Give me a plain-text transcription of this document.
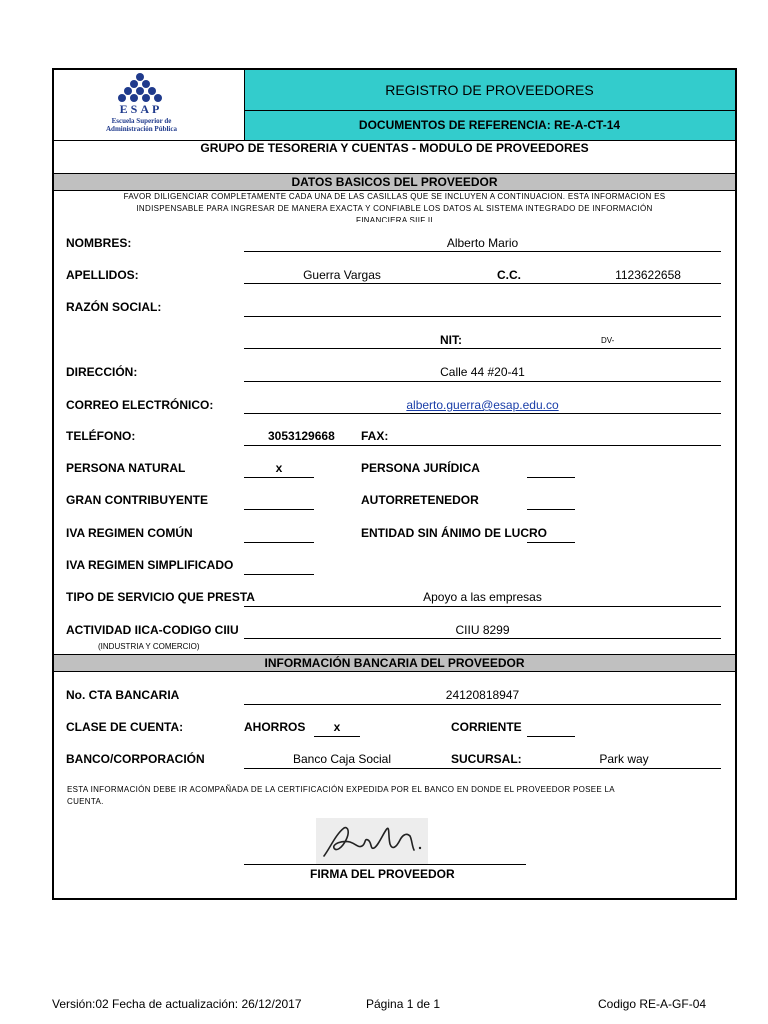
ESAP
Escuela Superior de
Administración Pública
REGISTRO DE PROVEEDORES
DOCUMENTOS DE REFERENCIA: RE-A-CT-14
GRUPO DE TESORERIA Y CUENTAS - MODULO DE PROVEEDORES
DATOS BASICOS DEL PROVEEDOR
FAVOR DILIGENCIAR COMPLETAMENTE CADA UNA DE LAS CASILLAS QUE SE INCLUYEN A CONTINUACION. ESTA INFORMACION ES
INDISPENSABLE PARA INGRESAR DE MANERA EXACTA Y CONFIABLE LOS DATOS AL SISTEMA INTEGRADO DE INFORMACIÓN
FINANCIERA SIIF II
NOMBRES:	Alberto Mario
APELLIDOS:	Guerra Vargas	C.C.	1123622658
RAZÓN SOCIAL:
NIT:	DV-
DIRECCIÓN:	Calle 44 #20-41
CORREO ELECTRÓNICO:	alberto.guerra@esap.edu.co
TELÉFONO:	3053129668 FAX:
PERSONA NATURAL	x	PERSONA JURÍDICA
GRAN CONTRIBUYENTE	AUTORRETENEDOR
IVA REGIMEN COMÚN	ENTIDAD SIN ÁNIMO DE LUCRO
IVA REGIMEN SIMPLIFICADO
TIPO DE SERVICIO QUE PRESTA	Apoyo a las empresas
ACTIVIDAD IICA-CODIGO CIIU	CIIU 8299
(INDUSTRIA Y COMERCIO)
INFORMACIÓN BANCARIA DEL PROVEEDOR
No. CTA BANCARIA	24120818947
CLASE DE CUENTA:	AHORROS	x	CORRIENTE
BANCO/CORPORACIÓN	Banco Caja Social	SUCURSAL:	Park way
ESTA INFORMACIÓN DEBE IR ACOMPAÑADA DE LA CERTIFICACIÓN EXPEDIDA POR EL BANCO EN DONDE EL PROVEEDOR POSEE LA
CUENTA.
FIRMA DEL PROVEEDOR
Versión:02 Fecha de actualización: 26/12/2017	Página 1 de 1	Codigo RE-A-GF-04
